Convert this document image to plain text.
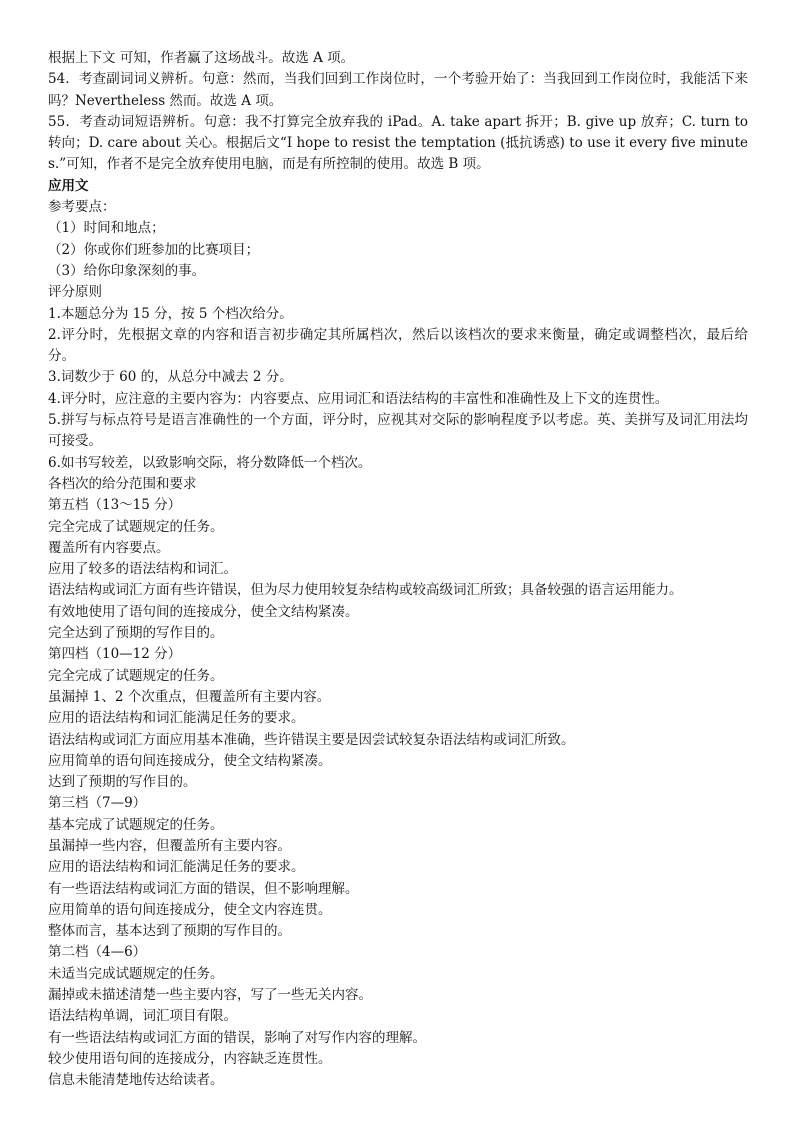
根据上下文 可知，作者赢了这场战斗。故选 A 项。

54．考查副词词义辨析。句意：然而，当我们回到工作岗位时，一个考验开始了：当我回到工作岗位时，我能活下来吗？Nevertheless 然而。故选 A 项。

55．考查动词短语辨析。句意：我不打算完全放弃我的 iPad。A. take apart 拆开；B. give up 放弃；C. turn to 转向；D. care about 关心。根据后文“I hope to resist the temptation (抵抗诱惑) to use it every five minutes.”可知，作者不是完全放弃使用电脑，而是有所控制的使用。故选 B 项。

应用文

参考要点：

（1）时间和地点；

（2）你或你们班参加的比赛项目；

（3）给你印象深刻的事。

评分原则

1.本题总分为 15 分，按 5 个档次给分。

2.评分时，先根据文章的内容和语言初步确定其所属档次，然后以该档次的要求来衡量，确定或调整档次，最后给分。

3.词数少于 60 的，从总分中减去 2 分。

4.评分时，应注意的主要内容为：内容要点、应用词汇和语法结构的丰富性和准确性及上下文的连贯性。

5.拼写与标点符号是语言准确性的一个方面，评分时，应视其对交际的影响程度予以考虑。英、美拼写及词汇用法均可接受。

6.如书写较差，以致影响交际，将分数降低一个档次。

各档次的给分范围和要求

第五档（13～15 分）

完全完成了试题规定的任务。

覆盖所有内容要点。

应用了较多的语法结构和词汇。

语法结构或词汇方面有些许错误，但为尽力使用较复杂结构或较高级词汇所致；具备较强的语言运用能力。

有效地使用了语句间的连接成分，使全文结构紧凑。

完全达到了预期的写作目的。

第四档（10—12 分）

完全完成了试题规定的任务。

虽漏掉 1、2 个次重点，但覆盖所有主要内容。

应用的语法结构和词汇能满足任务的要求。

语法结构或词汇方面应用基本准确，些许错误主要是因尝试较复杂语法结构或词汇所致。

应用简单的语句间连接成分，使全文结构紧凑。

达到了预期的写作目的。

第三档（7—9）

基本完成了试题规定的任务。

虽漏掉一些内容，但覆盖所有主要内容。

应用的语法结构和词汇能满足任务的要求。

有一些语法结构或词汇方面的错误，但不影响理解。

应用简单的语句间连接成分，使全文内容连贯。

整体而言，基本达到了预期的写作目的。

第二档（4—6）

未适当完成试题规定的任务。

漏掉或未描述清楚一些主要内容，写了一些无关内容。

语法结构单调，词汇项目有限。

有一些语法结构或词汇方面的错误，影响了对写作内容的理解。

较少使用语句间的连接成分，内容缺乏连贯性。

信息未能清楚地传达给读者。
